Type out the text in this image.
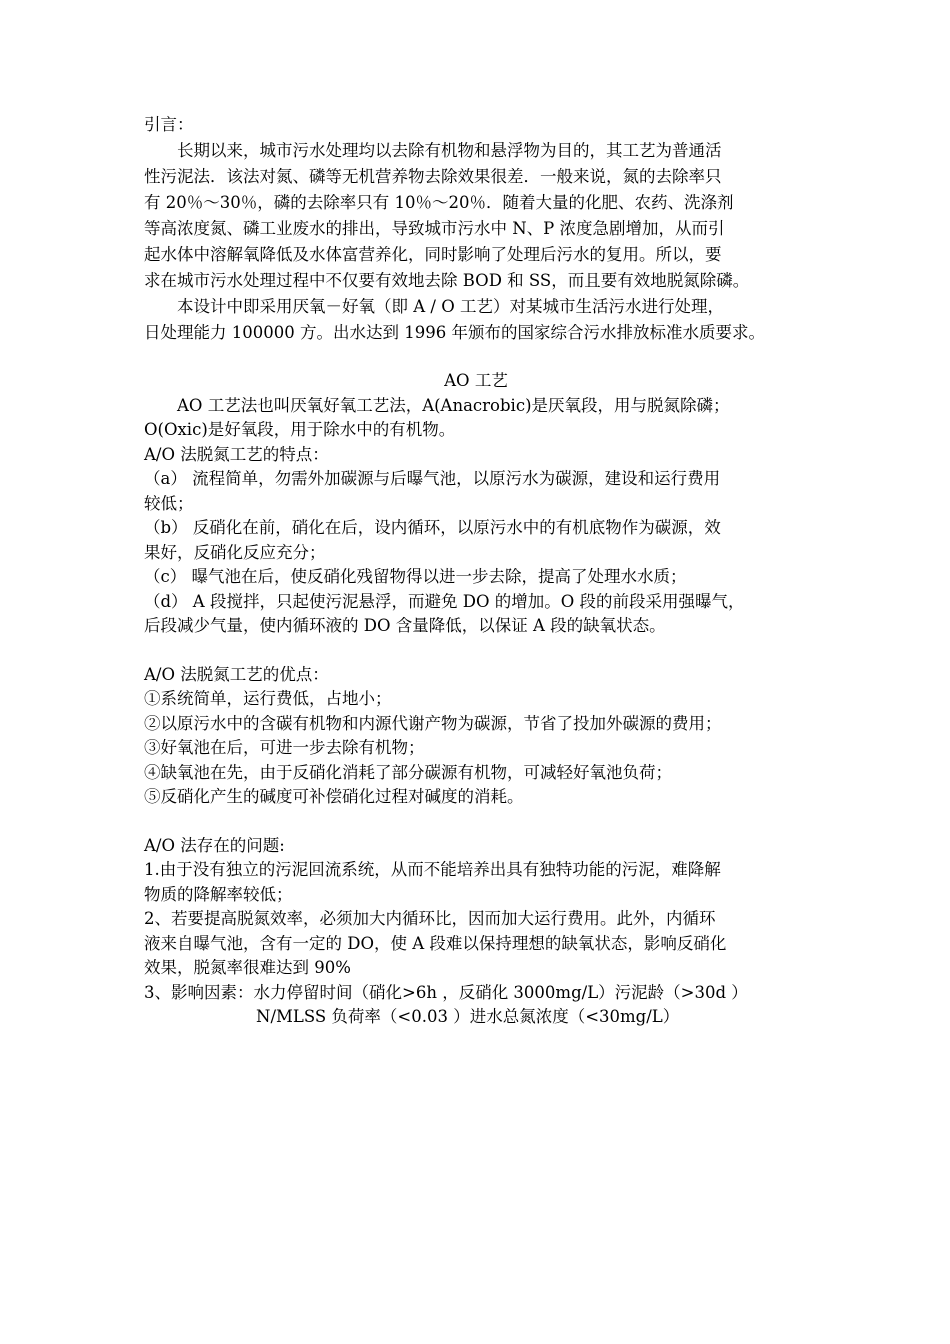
引言：
长期以来，城市污水处理均以去除有机物和悬浮物为目的，其工艺为普通活
性污泥法．该法对氮、磷等无机营养物去除效果很差．一般来说，氮的去除率只
有 20％～30％，磷的去除率只有 10％～20％．随着大量的化肥、农药、洗涤剂
等高浓度氮、磷工业废水的排出，导致城市污水中 N、P 浓度急剧增加，从而引
起水体中溶解氧降低及水体富营养化，同时影响了处理后污水的复用。所以，要
求在城市污水处理过程中不仅要有效地去除 BOD 和 SS，而且要有效地脱氮除磷。
本设计中即采用厌氧－好氧（即 A / O 工艺）对某城市生活污水进行处理，
日处理能力 100000 方。出水达到 1996 年颁布的国家综合污水排放标准水质要求。
AO 工艺
AO 工艺法也叫厌氧好氧工艺法，A(Anacrobic)是厌氧段，用与脱氮除磷；
O(Oxic)是好氧段，用于除水中的有机物。
A/O 法脱氮工艺的特点：
（a） 流程简单，勿需外加碳源与后曝气池，以原污水为碳源，建设和运行费用
较低；
（b） 反硝化在前，硝化在后，设内循环，以原污水中的有机底物作为碳源，效
果好，反硝化反应充分；
（c） 曝气池在后，使反硝化残留物得以进一步去除，提高了处理水水质；
（d） A 段搅拌，只起使污泥悬浮，而避免 DO 的增加。O 段的前段采用强曝气，
后段减少气量，使内循环液的 DO 含量降低，以保证 A 段的缺氧状态。
A/O 法脱氮工艺的优点：
①系统简单，运行费低，占地小；
②以原污水中的含碳有机物和内源代谢产物为碳源，节省了投加外碳源的费用；
③好氧池在后，可进一步去除有机物；
④缺氧池在先，由于反硝化消耗了部分碳源有机物，可减轻好氧池负荷；
⑤反硝化产生的碱度可补偿硝化过程对碱度的消耗。
A/O 法存在的问题:
1.由于没有独立的污泥回流系统，从而不能培养出具有独特功能的污泥，难降解
物质的降解率较低；
2、若要提高脱氮效率，必须加大内循环比，因而加大运行费用。此外，内循环
液来自曝气池，含有一定的 DO，使 A 段难以保持理想的缺氧状态，影响反硝化
效果，脱氮率很难达到 90%
3、影响因素：水力停留时间（硝化>6h ，反硝化 3000mg/L）污泥龄（>30d ）
N/MLSS 负荷率（<0.03 ）进水总氮浓度（<30mg/L）
